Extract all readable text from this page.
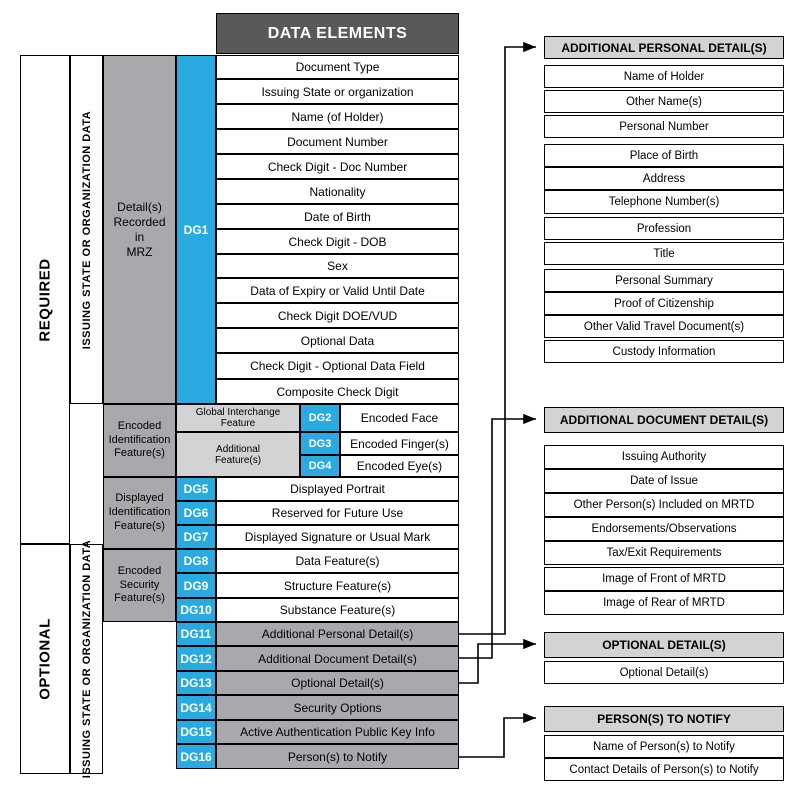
DATA ELEMENTS
REQUIRED
OPTIONAL
ISSUING STATE OR ORGANIZATION DATA
ISSUING STATE OR ORGANIZATION DATA
Detail(s)
Recorded
in
MRZ
DG1
Document Type
Issuing State or organization
Name (of Holder)
Document Number
Check Digit - Doc Number
Nationality
Date of Birth
Check Digit - DOB
Sex
Data of Expiry or Valid Until Date
Check Digit DOE/VUD
Optional Data
Check Digit - Optional Data Field
Composite Check Digit
Encoded
Identification
Feature(s)
Global Interchange
Feature
Additional
Feature(s)
DG2
DG3
DG4
Encoded Face
Encoded Finger(s)
Encoded Eye(s)
Displayed
Identification
Feature(s)
DG5
DG6
DG7
Displayed Portrait
Reserved for Future Use
Displayed Signature or Usual Mark
Encoded
Security
Feature(s)
DG8
DG9
DG10
Data Feature(s)
Structure Feature(s)
Substance Feature(s)
DG11
DG12
DG13
DG14
DG15
DG16
Additional Personal Detail(s)
Additional Document Detail(s)
Optional Detail(s)
Security Options
Active Authentication Public Key Info
Person(s) to Notify
ADDITIONAL PERSONAL DETAIL(S)
Name of Holder
Other Name(s)
Personal Number
Place of Birth
Address
Telephone Number(s)
Profession
Title
Personal Summary
Proof of Citizenship
Other Valid Travel Document(s)
Custody Information
ADDITIONAL DOCUMENT DETAIL(S)
Issuing Authority
Date of Issue
Other Person(s) Included on MRTD
Endorsements/Observations
Tax/Exit Requirements
Image of Front of MRTD
Image of Rear of MRTD
OPTIONAL DETAIL(S)
Optional Detail(s)
PERSON(S) TO NOTIFY
Name of Person(s) to Notify
Contact Details of Person(s) to Notify
